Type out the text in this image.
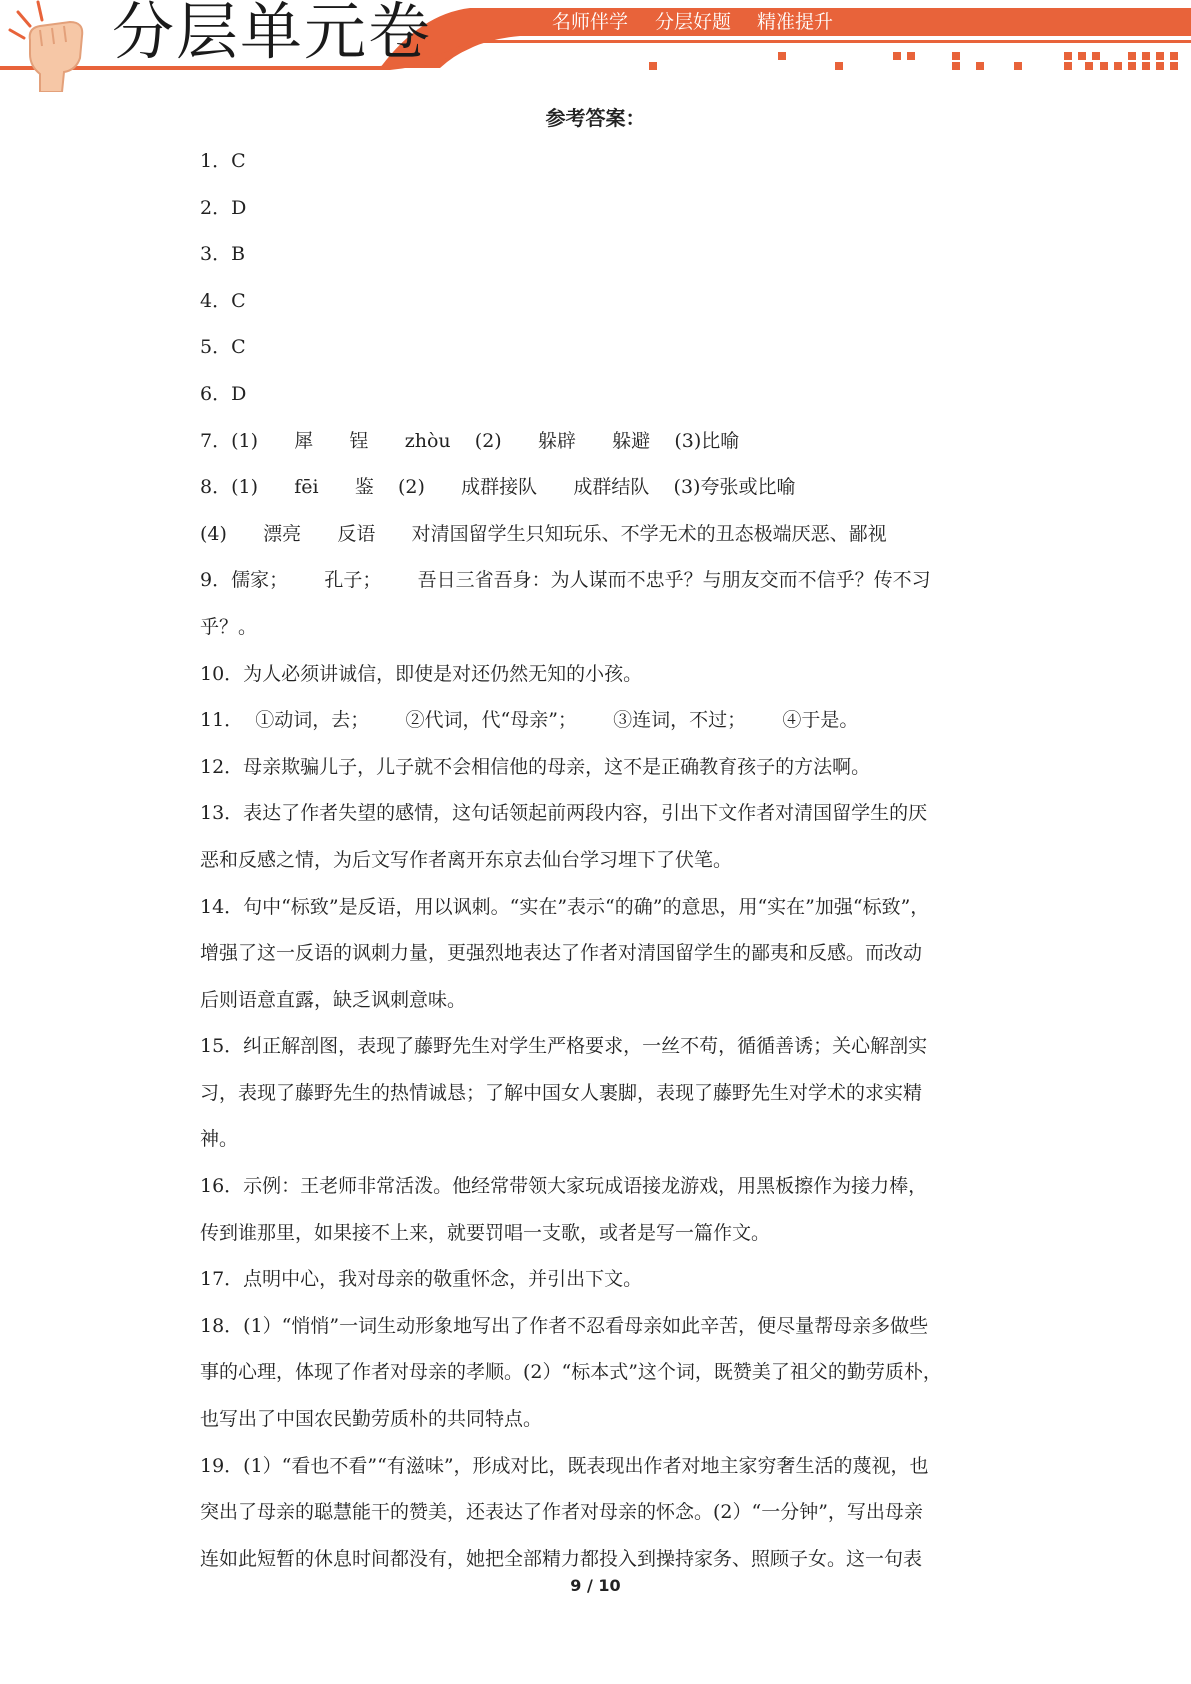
分层单元卷	名师伴学 分层好题 精准提升
参考答案：
1．C
2．D
3．B
4．C
5．C
6．D
7．(1)      犀      锃      zhòu    (2)      躲辟      躲避    (3)比喻
8．(1)      fēi      鉴    (2)      成群接队      成群结队    (3)夸张或比喻
(4)      漂亮      反语      对清国留学生只知玩乐、不学无术的丑态极端厌恶、鄙视
9．儒家；      孔子；      吾日三省吾身：为人谋而不忠乎？与朋友交而不信乎？传不习
乎？。
10．为人必须讲诚信，即使是对还仍然无知的小孩。
11．  ①动词，去；      ②代词，代“母亲”；      ③连词，不过；      ④于是。
12．母亲欺骗儿子，儿子就不会相信他的母亲，这不是正确教育孩子的方法啊。
13．表达了作者失望的感情，这句话领起前两段内容，引出下文作者对清国留学生的厌
恶和反感之情，为后文写作者离开东京去仙台学习埋下了伏笔。
14．句中“标致”是反语，用以讽刺。“实在”表示“的确”的意思，用“实在”加强“标致”，
增强了这一反语的讽刺力量，更强烈地表达了作者对清国留学生的鄙夷和反感。而改动
后则语意直露，缺乏讽刺意味。
15．纠正解剖图，表现了藤野先生对学生严格要求，一丝不苟，循循善诱；关心解剖实
习，表现了藤野先生的热情诚恳；了解中国女人裹脚，表现了藤野先生对学术的求实精
神。
16．示例：王老师非常活泼。他经常带领大家玩成语接龙游戏，用黑板擦作为接力棒，
传到谁那里，如果接不上来，就要罚唱一支歌，或者是写一篇作文。
17．点明中心，我对母亲的敬重怀念，并引出下文。
18．(1）“悄悄”一词生动形象地写出了作者不忍看母亲如此辛苦，便尽量帮母亲多做些
事的心理，体现了作者对母亲的孝顺。(2）“标本式”这个词，既赞美了祖父的勤劳质朴，
也写出了中国农民勤劳质朴的共同特点。
19．(1）“看也不看”“有滋味”，形成对比，既表现出作者对地主家穷奢生活的蔑视，也
突出了母亲的聪慧能干的赞美，还表达了作者对母亲的怀念。(2）“一分钟”，写出母亲
连如此短暂的休息时间都没有，她把全部精力都投入到操持家务、照顾子女。这一句表
9 / 10
